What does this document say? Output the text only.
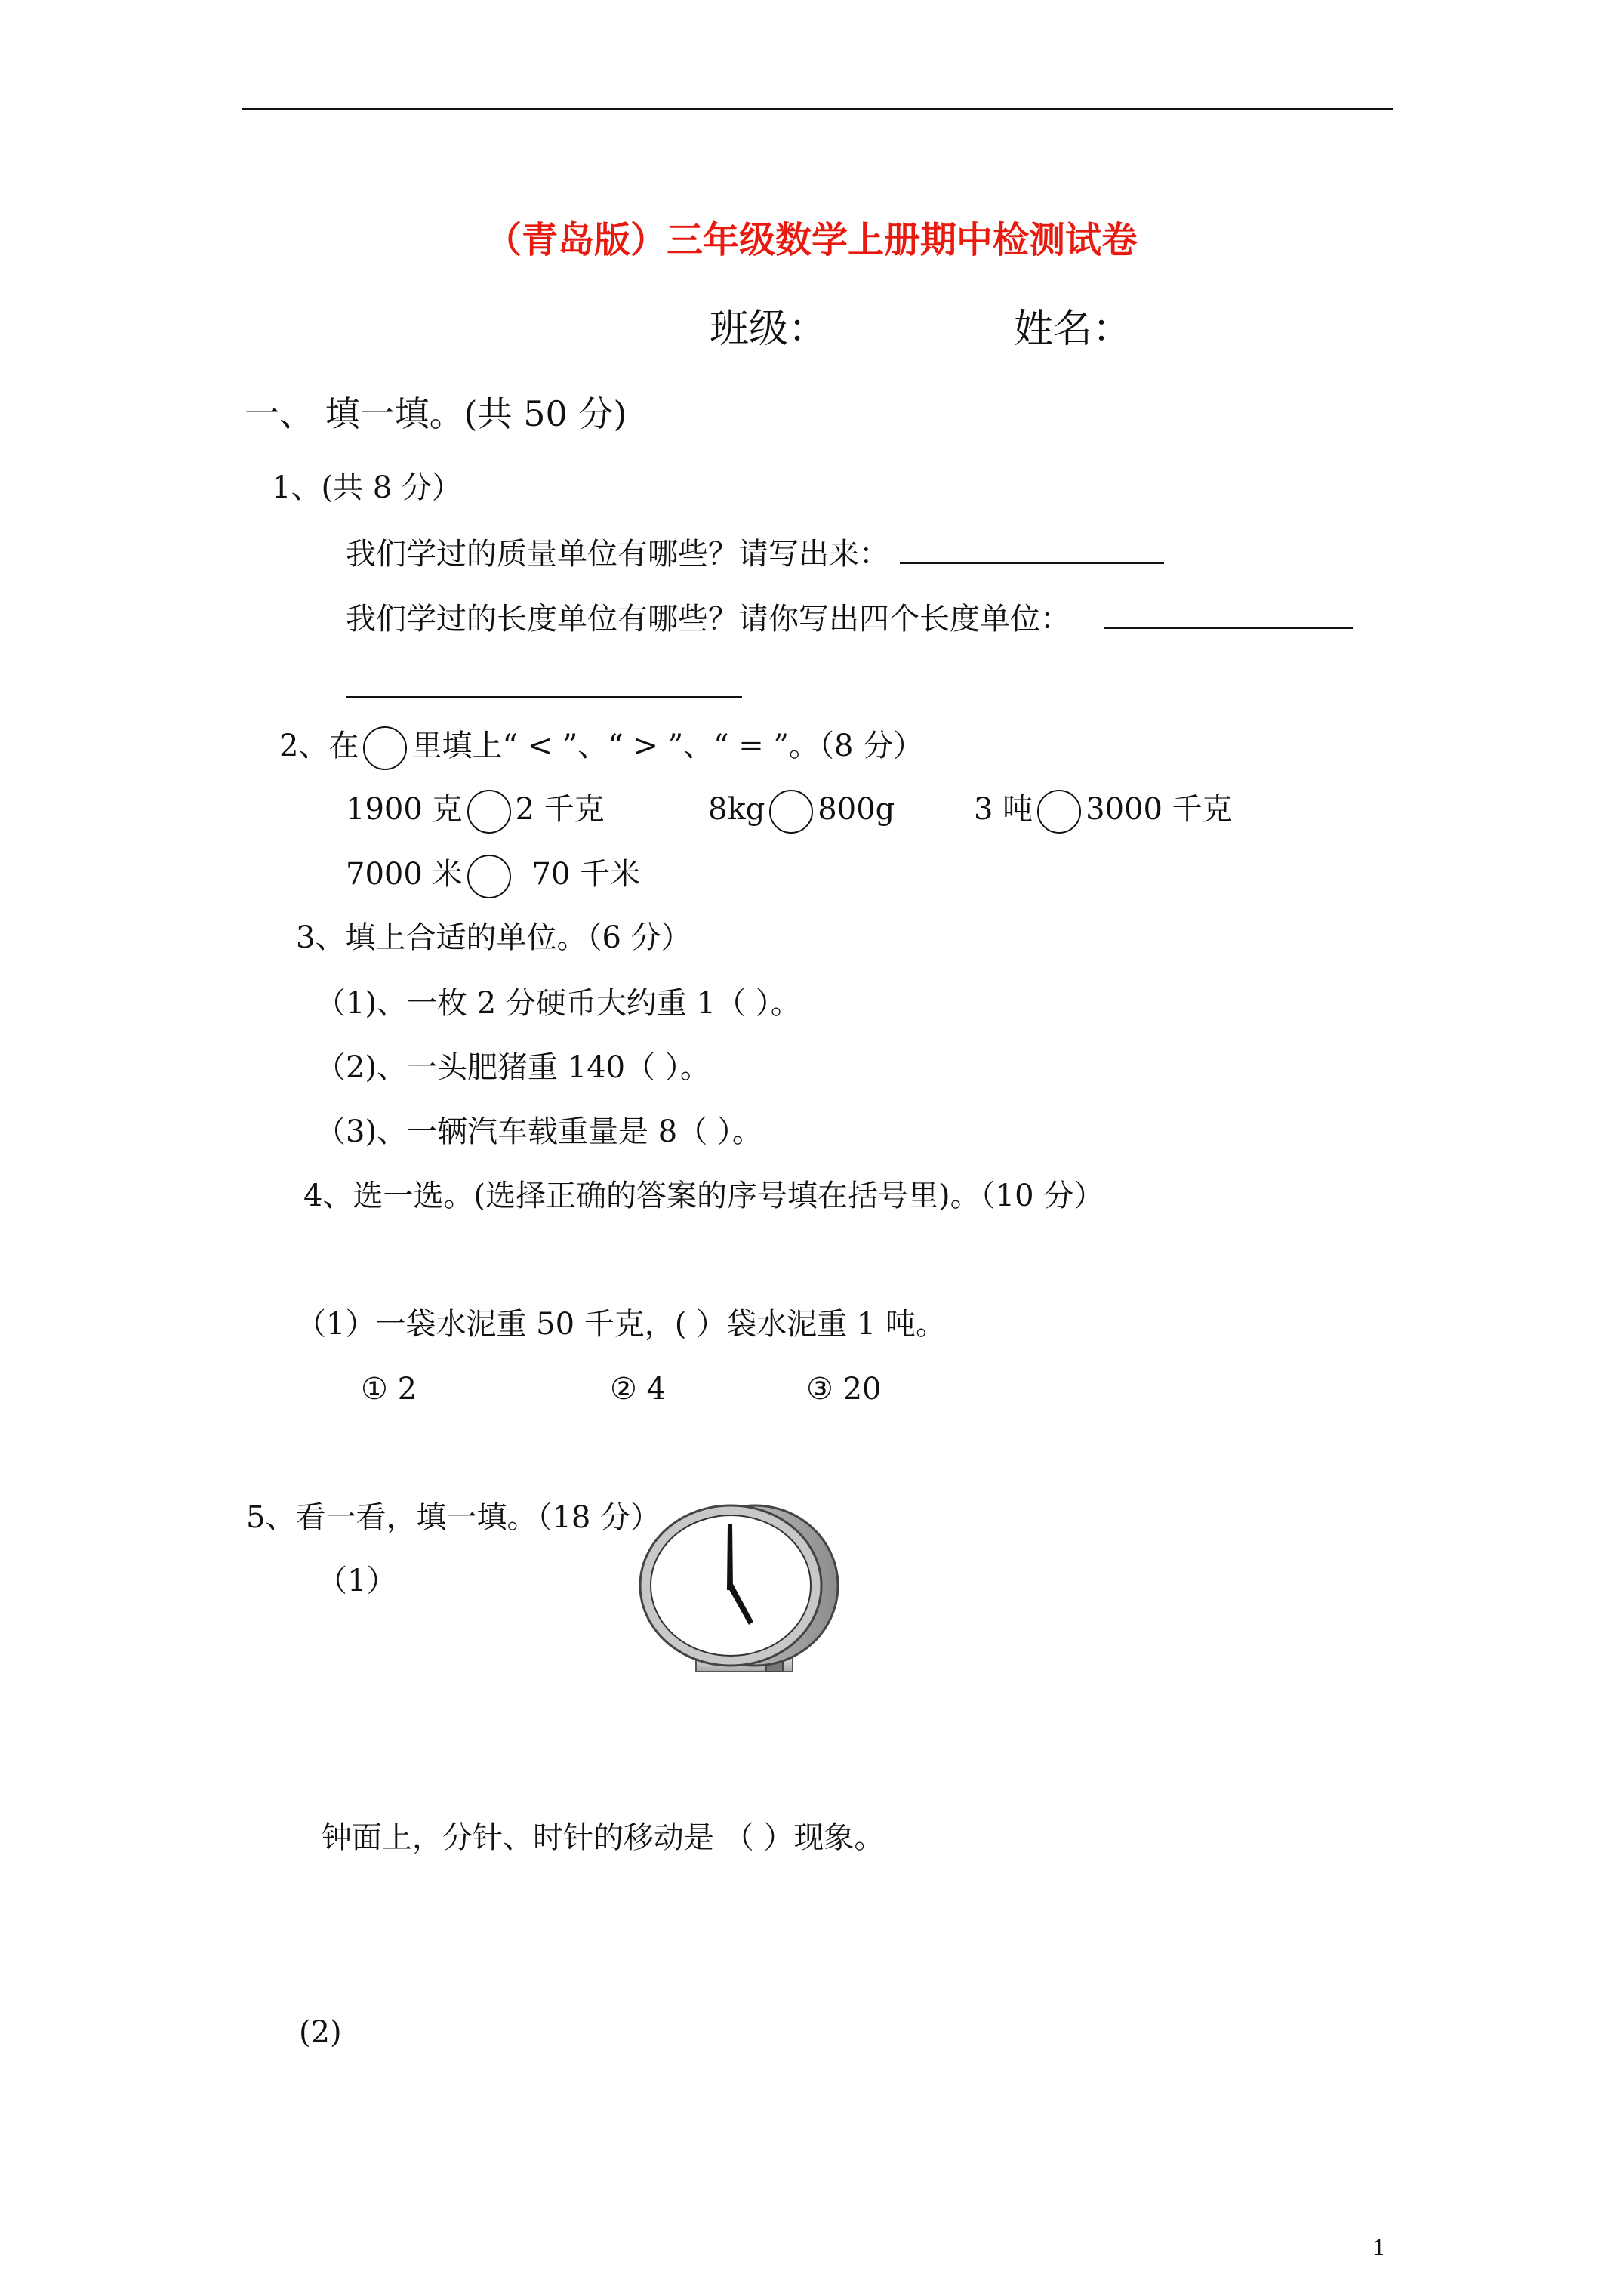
（青岛版）三年级数学上册期中检测试卷
班级：	姓名：
一、 填一填。(共 50 分)
1、(共 8 分）
我们学过的质量单位有哪些？请写出来：
我们学过的长度单位有哪些？请你写出四个长度单位：
2、在 里填上“ < ”、“ > ”、“ = ”。（8 分）
1900 克 2 千克	8kg 800g	3 吨 3000 千克
7000 米 70 千米
3、填上合适的单位。（6 分）
（1)、一枚 2 分硬币大约重 1（ ）。
（2)、一头肥猪重 140（ ）。
（3)、一辆汽车载重量是 8（ ）。
4、选一选。(选择正确的答案的序号填在括号里)。（10 分）
（1）一袋水泥重 50 千克，( ）袋水泥重 1 吨。
① 2	② 4	③ 20
5、看一看，填一填。（18 分）
（1）
钟面上，分针、时针的移动是 （ ）现象。
(2)
1
